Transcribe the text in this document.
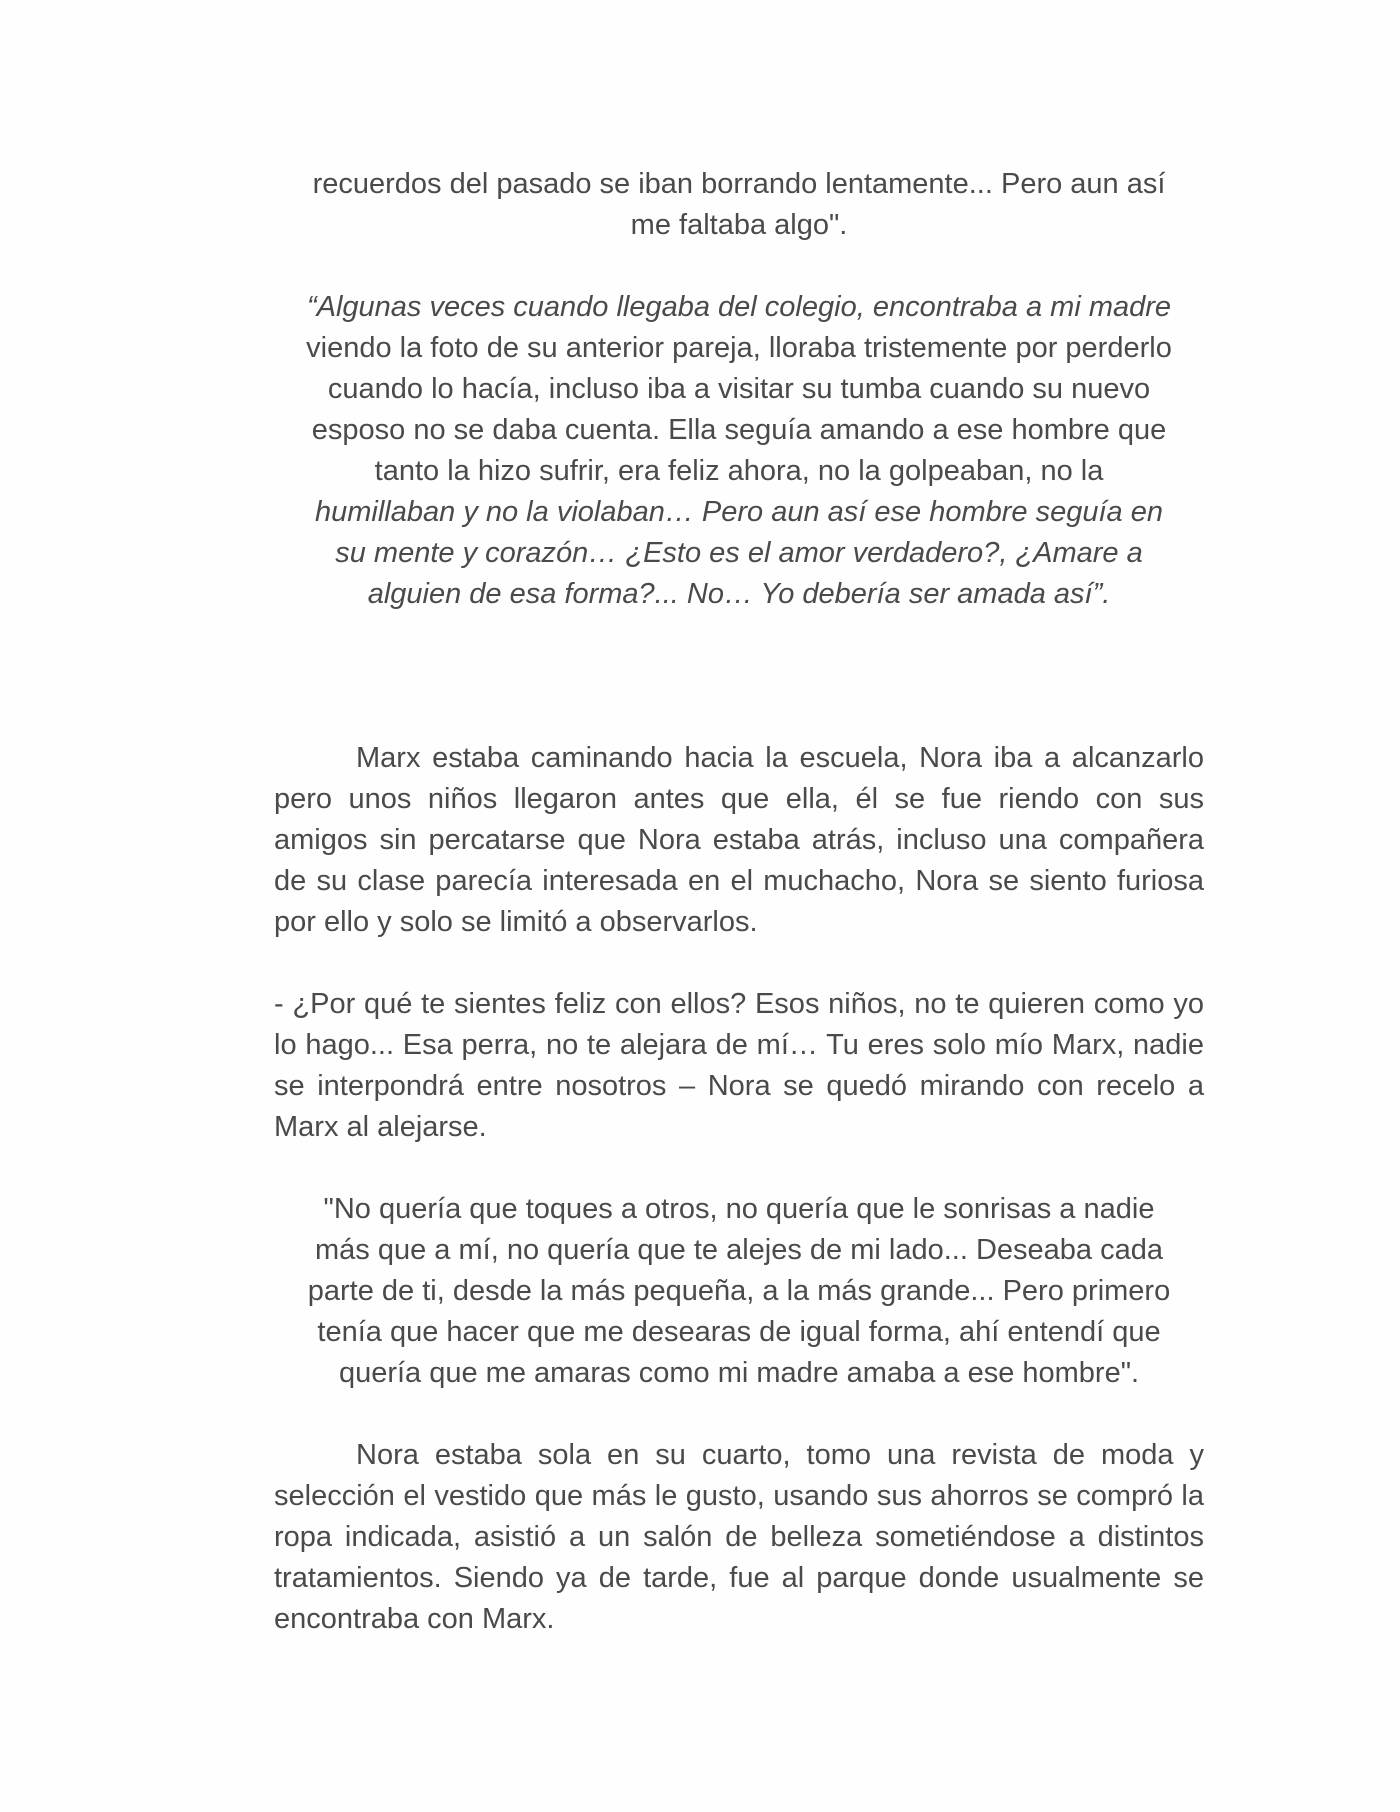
recuerdos del pasado se iban borrando lentamente... Pero aun así
me faltaba algo".

“Algunas veces cuando llegaba del colegio, encontraba a mi madre
viendo la foto de su anterior pareja, lloraba tristemente por perderlo
cuando lo hacía, incluso iba a visitar su tumba cuando su nuevo
esposo no se daba cuenta. Ella seguía amando a ese hombre que
tanto la hizo sufrir, era feliz ahora, no la golpeaban, no la
humillaban y no la violaban… Pero aun así ese hombre seguía en
su mente y corazón… ¿Esto es el amor verdadero?, ¿Amare a
alguien de esa forma?... No… Yo debería ser amada así”.

Marx estaba caminando hacia la escuela, Nora iba a alcanzarlo pero unos niños llegaron antes que ella, él se fue riendo con sus amigos sin percatarse que Nora estaba atrás, incluso una compañera de su clase parecía interesada en el muchacho, Nora se siento furiosa por ello y solo se limitó a observarlos.

- ¿Por qué te sientes feliz con ellos? Esos niños, no te quieren como yo lo hago... Esa perra, no te alejara de mí… Tu eres solo mío Marx, nadie se interpondrá entre nosotros – Nora se quedó mirando con recelo a Marx al alejarse.

"No quería que toques a otros, no quería que le sonrisas a nadie
más que a mí, no quería que te alejes de mi lado... Deseaba cada
parte de ti, desde la más pequeña, a la más grande... Pero primero
tenía que hacer que me desearas de igual forma, ahí entendí que
quería que me amaras como mi madre amaba a ese hombre".

Nora estaba sola en su cuarto, tomo una revista de moda y selección el vestido que más le gusto, usando sus ahorros se compró la ropa indicada, asistió a un salón de belleza sometiéndose a distintos tratamientos. Siendo ya de tarde, fue al parque donde usualmente se encontraba con Marx.
